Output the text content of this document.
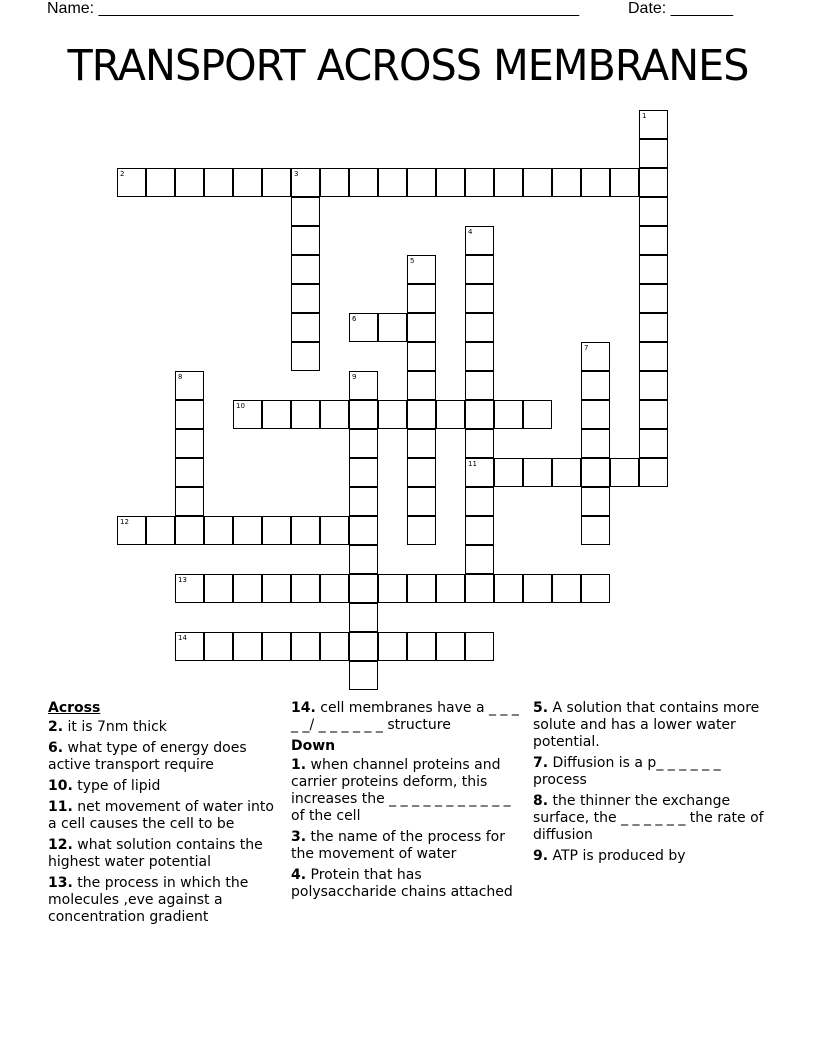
Name: ______________________________________________________	Date: _______
TRANSPORT ACROSS MEMBRANES
1
2	3
4
11
5
6
7
8	9
10
12
13
14
Across
2. it is 7nm thick
6. what type of energy does active transport require
10. type of lipid
11. net movement of water into a cell causes the cell to be
12. what solution contains the highest water potential
13. the process in which the molecules ,eve against a concentration gradient
14. cell membranes have a _ _ _ _ _/ _ _ _ _ _ _ structure
Down
1. when channel proteins and carrier proteins deform, this increases the _ _ _ _ _ _ _ _ _ _ _ of the cell
3. the name of the process for the movement of water
4. Protein that has polysaccharide chains attached
5. A solution that contains more solute and has a lower water potential.
7. Diffusion is a p_ _ _ _ _ _ process
8. the thinner the exchange surface, the _ _ _ _ _ _ the rate of diffusion
9. ATP is produced by
